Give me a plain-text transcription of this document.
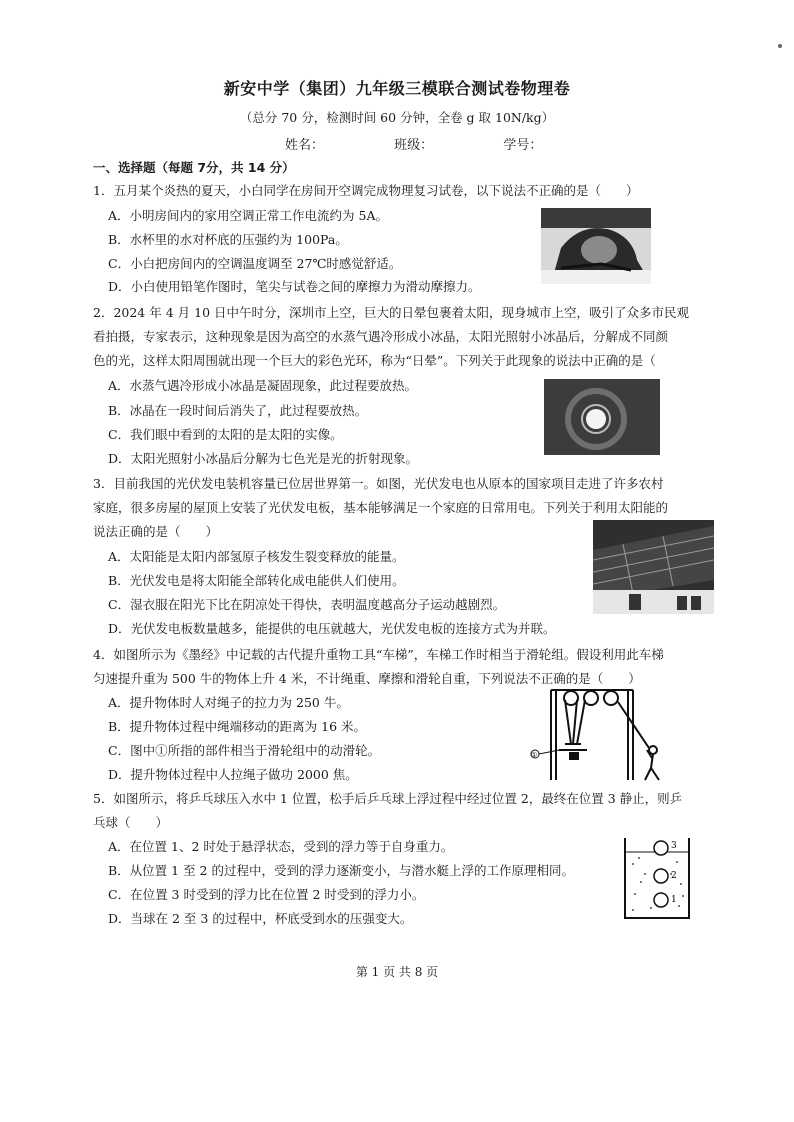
新安中学（集团）九年级三模联合测试卷物理卷
（总分 70 分，检测时间 60 分钟，全卷 g 取 10N/kg）
姓名：	班级：	学号：
一、选择题（每题 7分，共 14 分）
1．五月某个炎热的夏天，小白同学在房间开空调完成物理复习试卷，以下说法不正确的是（　　）
A．小明房间内的家用空调正常工作电流约为 5A。
B．水杯里的水对杯底的压强约为 100Pa。
C．小白把房间内的空调温度调至 27℃时感觉舒适。
D．小白使用铅笔作图时，笔尖与试卷之间的摩擦力为滑动摩擦力。
2．2024 年 4 月 10 日中午时分，深圳市上空，巨大的日晕包裹着太阳，现身城市上空，吸引了众多市民观
看拍摄，专家表示，这种现象是因为高空的水蒸气遇冷形成小冰晶，太阳光照射小冰晶后，分解成不同颜
色的光，这样太阳周围就出现一个巨大的彩色光环，称为“日晕”。下列关于此现象的说法中正确的是（
A．水蒸气遇冷形成小冰晶是凝固现象，此过程要放热。
B．冰晶在一段时间后消失了，此过程要放热。
C．我们眼中看到的太阳的是太阳的实像。
D．太阳光照射小冰晶后分解为七色光是光的折射现象。
3．目前我国的光伏发电装机容量已位居世界第一。如图，光伏发电也从原本的国家项目走进了许多农村
家庭，很多房屋的屋顶上安装了光伏发电板，基本能够满足一个家庭的日常用电。下列关于利用太阳能的
说法正确的是（　　）
A．太阳能是太阳内部氢原子核发生裂变释放的能量。
B．光伏发电是将太阳能全部转化成电能供人们使用。
C．湿衣服在阳光下比在阴凉处干得快，表明温度越高分子运动越剧烈。
D．光伏发电板数量越多，能提供的电压就越大，光伏发电板的连接方式为并联。
4．如图所示为《墨经》中记载的古代提升重物工具“车梯”，车梯工作时相当于滑轮组。假设利用此车梯
匀速提升重为 500 牛的物体上升 4 米，不计绳重、摩擦和滑轮自重，下列说法不正确的是（　　）
A．提升物体时人对绳子的拉力为 250 牛。
B．提升物体过程中绳端移动的距离为 16 米。
C．图中①所指的部件相当于滑轮组中的动滑轮。
D．提升物体过程中人拉绳子做功 2000 焦。
①
5．如图所示，将乒乓球压入水中 1 位置，松手后乒乓球上浮过程中经过位置 2，最终在位置 3 静止，则乒
乓球（　　）
A．在位置 1、2 时处于悬浮状态，受到的浮力等于自身重力。
B．从位置 1 至 2 的过程中，受到的浮力逐渐变小，与潜水艇上浮的工作原理相同。
C．在位置 3 时受到的浮力比在位置 2 时受到的浮力小。
D．当球在 2 至 3 的过程中，杯底受到水的压强变大。
3
2
1
第 1 页 共 8 页
